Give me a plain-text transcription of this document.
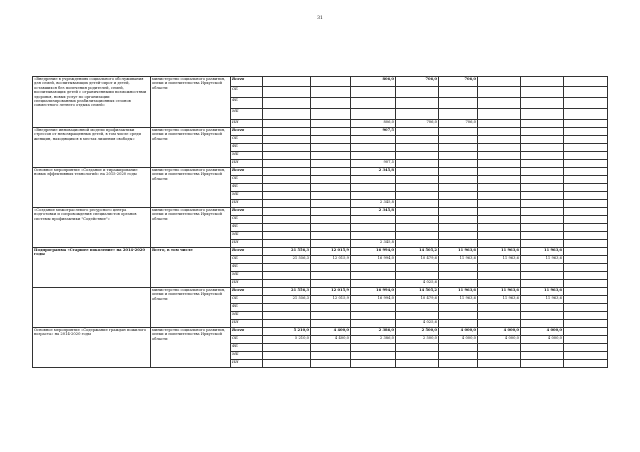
31
«Внедрение в учреждениях социального обслуживания для семей, воспитывающих детей-сирот и детей, оставшихся без попечения родителей, семей, воспитывающих детей с ограниченными возможностями здоровья, новых услуг по организации специализированных реабилитационных сезонов совместного летнего отдыха семей»	министерство социального развития, опеки и попечительства Иркутской области	Всего			806,0	706,0	706,0			
		ОБ								
		ФБ								
		МБ								
		ИИ			806,0	706,0	706,0			
«Внедрение инновационной модели профилактики стрессов от невозвращенных детей, в том числе среди женщин, находящихся в местах лишения свободы»	министерство социального развития, опеки и попечительства Иркутской области	Всего			907,5					
		ОБ								
		ФБ								
		МБ								
		ИИ			907,5					
Основное мероприятие «Создание и тиражирование новых эффективных технологий» на 2015-2020 годы	министерство социального развития, опеки и попечительства Иркутской области	Всего			2 345,8					
		ОБ								
		ФБ								
		МБ								
		ИИ			2 345,8					
«Создание межотраслевого ресурсного центра подготовки и сопровождения специалистов органов системы профилактики "Содействие"»	министерство социального развития, опеки и попечительства Иркутской области	Всего			2 345,8					
		ОБ								
		ФБ								
		МБ								
		ИИ			2 345,8					
Подпрограмма «Старшее поколение» на 2014-2020 годы	Всего, в том числе	Всего	21 556,3	12 015,9	16 994,0	14 505,2	11 963,6	11 963,6	11 963,6	
		ОБ	21 556,3	12 015,9	16 994,0	10 479,6	11 963,6	11 963,6	11 963,6	
		ФБ								
		МБ								
		ИИ				4 025,6				
	министерство социального развития, опеки и попечительства Иркутской области	Всего	21 556,3	12 015,9	16 994,0	14 505,2	11 963,6	11 963,6	11 963,6	
		ОБ	21 556,3	12 015,9	16 994,0	10 479,6	11 963,6	11 963,6	11 963,6	
		ФБ								
		МБ								
		ИИ				4 025,6				
Основное мероприятие «Содержание граждан пожилого возраста» на 2014-2020 годы	министерство социального развития, опеки и попечительства Иркутской области	Всего	5 210,0	4 400,0	2 386,0	2 500,0	4 000,0	4 000,0	4 000,0	
		ОБ	5 210,0	4 400,0	2 386,0	2 500,0	4 000,0	4 000,0	4 000,0	
		ФБ								
		МБ								
		ИИ								
